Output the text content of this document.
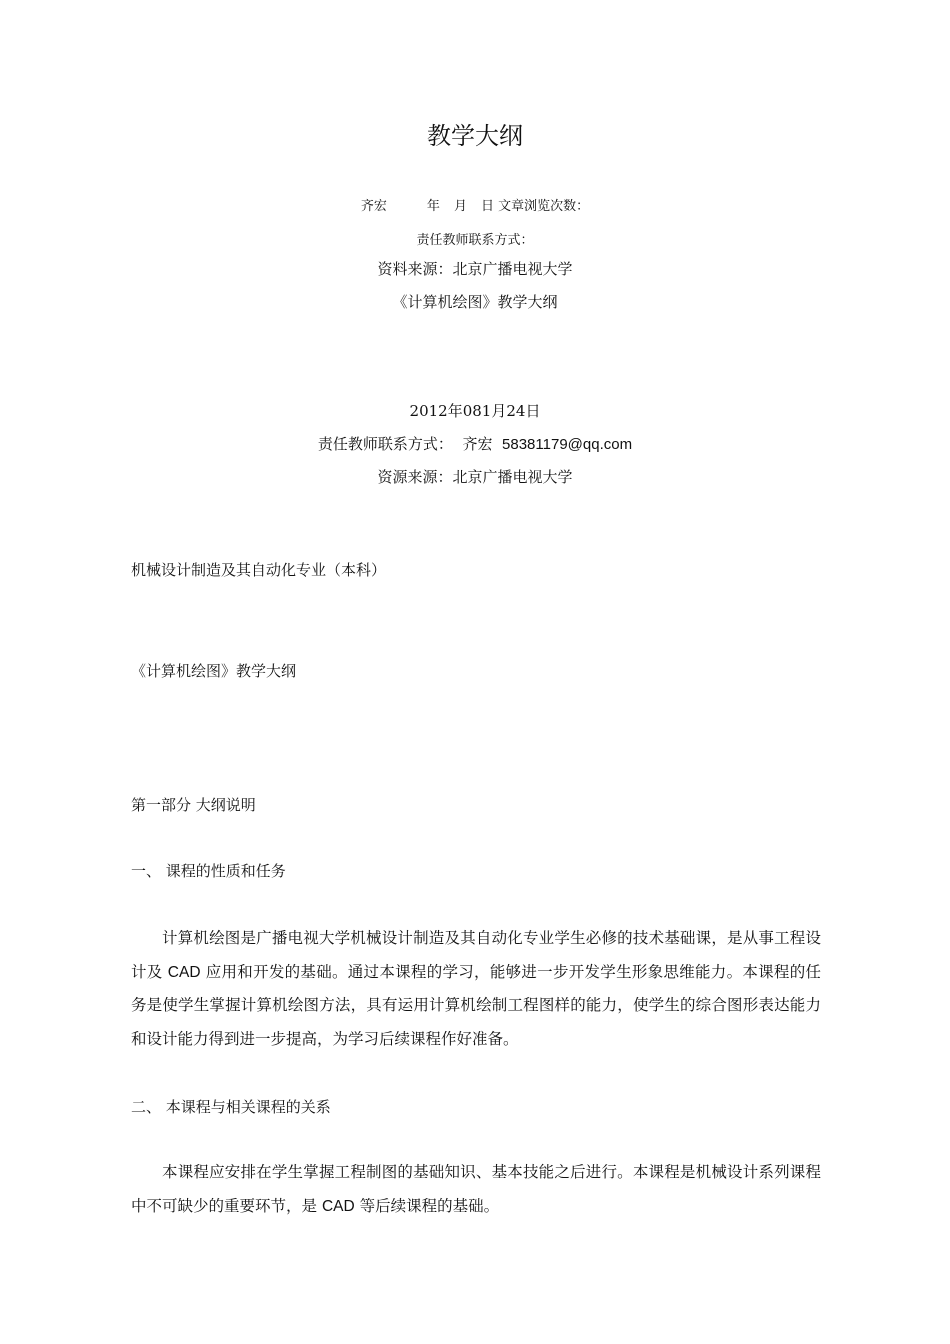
教学大纲
齐宏	年 月 日 文章浏览次数：
责任教师联系方式：
资料来源：北京广播电视大学
《计算机绘图》教学大纲
2012年081月24日
责任教师联系方式： 齐宏 58381179@qq.com
资源来源：北京广播电视大学
机械设计制造及其自动化专业（本科）
《计算机绘图》教学大纲
第一部分 大纲说明
一、 课程的性质和任务
计算机绘图是广播电视大学机械设计制造及其自动化专业学生必修的技术基础课，是从事工程设计及 CAD 应用和开发的基础。通过本课程的学习，能够进一步开发学生形象思维能力。本课程的任务是使学生掌握计算机绘图方法，具有运用计算机绘制工程图样的能力，使学生的综合图形表达能力和设计能力得到进一步提高，为学习后续课程作好准备。
二、 本课程与相关课程的关系
本课程应安排在学生掌握工程制图的基础知识、基本技能之后进行。本课程是机械设计系列课程中不可缺少的重要环节，是 CAD 等后续课程的基础。
